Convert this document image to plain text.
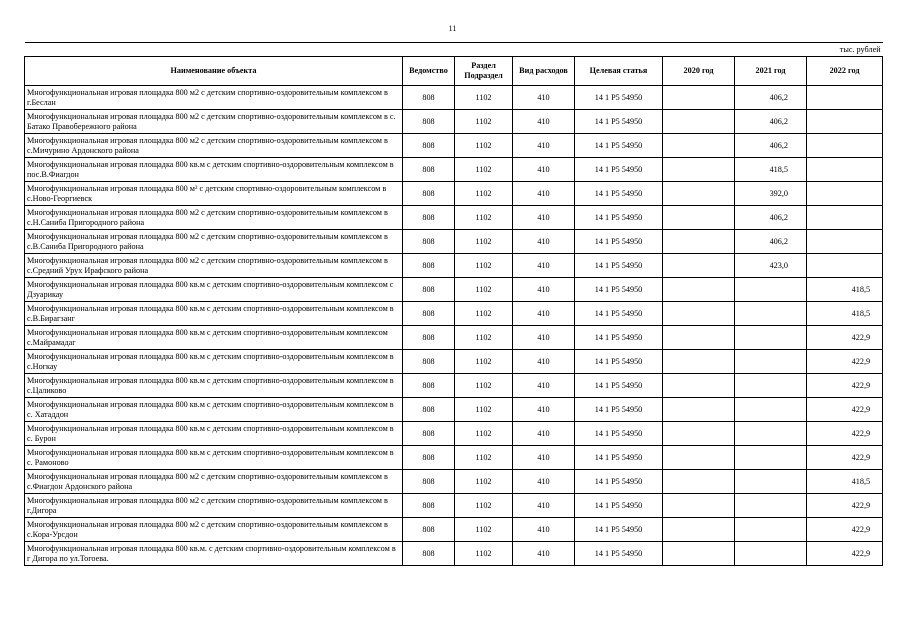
11
тыс. рублей							
Наименование объекта	Ведомство	Раздел Подраздел	Вид расходов	Целевая статья	2020 год	2021 год	2022 год
Многофункциональная игровая площадка 800 м2 с детским спортивно-оздоровительным комплексом в г.Беслан	808	1102	410	14 1 P5 54950		406,2	
Многофункциональная игровая площадка 800 м2 с детским спортивно-оздоровительным комплексом в с. Батако Правобережного района	808	1102	410	14 1 P5 54950		406,2	
Многофункциональная игровая площадка 800 м2 с детским спортивно-оздоровительным комплексом в с.Мичурино Ардонского района	808	1102	410	14 1 P5 54950		406,2	
Многофункциональная игровая площадка 800 кв.м с детским спортивно-оздоровительным комплексом в пос.В.Фиагдон	808	1102	410	14 1 P5 54950		418,5	
Многофункциональная игровая площадка 800 м² с детским спортивно-оздоровительным комплексом в с.Ново-Георгиевск	808	1102	410	14 1 P5 54950		392,0	
Многофункциональная игровая площадка 800 м2 с детским спортивно-оздоровительным комплексом в с.Н.Саниба Пригородного района	808	1102	410	14 1 P5 54950		406,2	
Многофункциональная игровая площадка 800 м2 с детским спортивно-оздоровительным комплексом в с.В.Саниба Пригородного района	808	1102	410	14 1 P5 54950		406,2	
Многофункциональная игровая площадка 800 м2 с детским спортивно-оздоровительным комплексом в с.Средний Урух Ирафского района	808	1102	410	14 1 P5 54950		423,0	
Многофункциональная игровая площадка 800 кв.м с детским спортивно-оздоровительным комплексом с Дзуарикау	808	1102	410	14 1 P5 54950			418,5
Многофункциональная игровая площадка 800 кв.м с детским спортивно-оздоровительным комплексом в с.В.Бирагзанг	808	1102	410	14 1 P5 54950			418,5
Многофункциональная игровая площадка 800 кв.м с детским спортивно-оздоровительным комплексом с.Майрамадаг	808	1102	410	14 1 P5 54950			422,9
Многофункциональная игровая площадка 800 кв.м с детским спортивно-оздоровительным комплексом в с.Ногкау	808	1102	410	14 1 P5 54950			422,9
Многофункциональная игровая площадка 800 кв.м с детским спортивно-оздоровительным комплексом в с.Цаликово	808	1102	410	14 1 P5 54950			422,9
Многофункциональная игровая площадка 800 кв.м с детским спортивно-оздоровительным комплексом в с. Хатаддон	808	1102	410	14 1 P5 54950			422,9
Многофункциональная игровая площадка 800 кв.м с детским спортивно-оздоровительным комплексом в с. Бурон	808	1102	410	14 1 P5 54950			422,9
Многофункциональная игровая площадка 800 кв.м с детским спортивно-оздоровительным комплексом в с. Рамоново	808	1102	410	14 1 P5 54950			422,9
Многофункциональная игровая площадка 800 м2 с детским спортивно-оздоровительным комплексом в с.Фиагдон Ардонского района	808	1102	410	14 1 P5 54950			418,5
Многофункциональная игровая площадка 800 м2 с детским спортивно-оздоровительным комплексом в г.Дигора	808	1102	410	14 1 P5 54950			422,9
Многофункциональная игровая площадка 800 м2 с детским спортивно-оздоровительным комплексом в с.Кора-Урсдон	808	1102	410	14 1 P5 54950			422,9
Многофункциональная игровая площадка 800 кв.м. с детским спортивно-оздоровительным комплексом в г Дигора по ул.Тогоева.	808	1102	410	14 1 P5 54950			422,9
